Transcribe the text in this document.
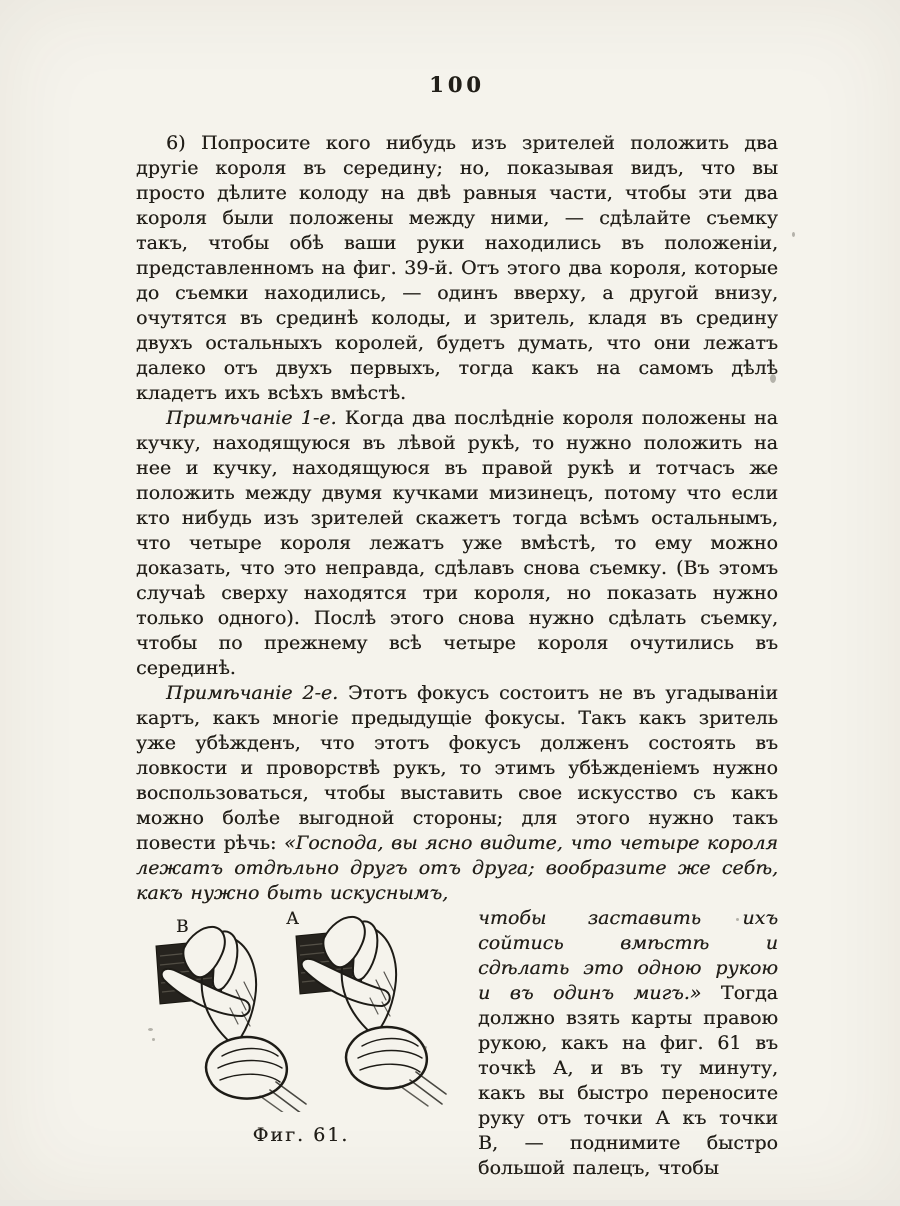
100

6) Попросите кого нибудь изъ зрителей положить два другіе короля въ середину; но, показывая видъ, что вы просто дѣлите колоду на двѣ равныя части, чтобы эти два короля были положены между ними, — сдѣлайте съемку такъ, чтобы обѣ ваши руки находились въ положеніи, представленномъ на фиг. 39-й. Отъ этого два короля, которые до съемки находились, — одинъ вверху, а другой внизу, очутятся въ срединѣ колоды, и зритель, кладя въ средину двухъ остальныхъ королей, будетъ думать, что они лежатъ далеко отъ двухъ первыхъ, тогда какъ на самомъ дѣлѣ кладетъ ихъ всѣхъ вмѣстѣ.

Примѣчаніе 1-е. Когда два послѣдніе короля положены на кучку, находящуюся въ лѣвой рукѣ, то нужно положить на нее и кучку, находящуюся въ правой рукѣ и тотчасъ же положить между двумя кучками мизинецъ, потому что если кто нибудь изъ зрителей скажетъ тогда всѣмъ остальнымъ, что четыре короля лежатъ уже вмѣстѣ, то ему можно доказать, что это неправда, сдѣлавъ снова съемку. (Въ этомъ случаѣ сверху находятся три короля, но показать нужно только одного). Послѣ этого снова нужно сдѣлать съемку, чтобы по прежнему всѣ четыре короля очутились въ серединѣ.

Примѣчаніе 2-е. Этотъ фокусъ состоитъ не въ угадываніи картъ, какъ многіе предыдущіе фокусы. Такъ какъ зритель уже убѣжденъ, что этотъ фокусъ долженъ состоять въ ловкости и проворствѣ рукъ, то этимъ убѣжденіемъ нужно воспользоваться, чтобы выставить свое искусство съ какъ можно болѣе выгодной стороны; для этого нужно такъ повести рѣчь: «Господа, вы ясно видите, что четыре короля лежатъ отдѣльно другъ отъ друга; вообразите же себѣ, какъ нужно быть искуснымъ,

В	А
Фиг. 61.

чтобы заставить ихъ сойтись вмѣстѣ и сдѣлать это одною рукою и въ одинъ мигъ.» Тогда должно взять карты правою рукою, какъ на фиг. 61 въ точкѣ А, и въ ту минуту, какъ вы быстро переносите руку отъ точки А къ точки В, — поднимите быстро большой палецъ, чтобы
